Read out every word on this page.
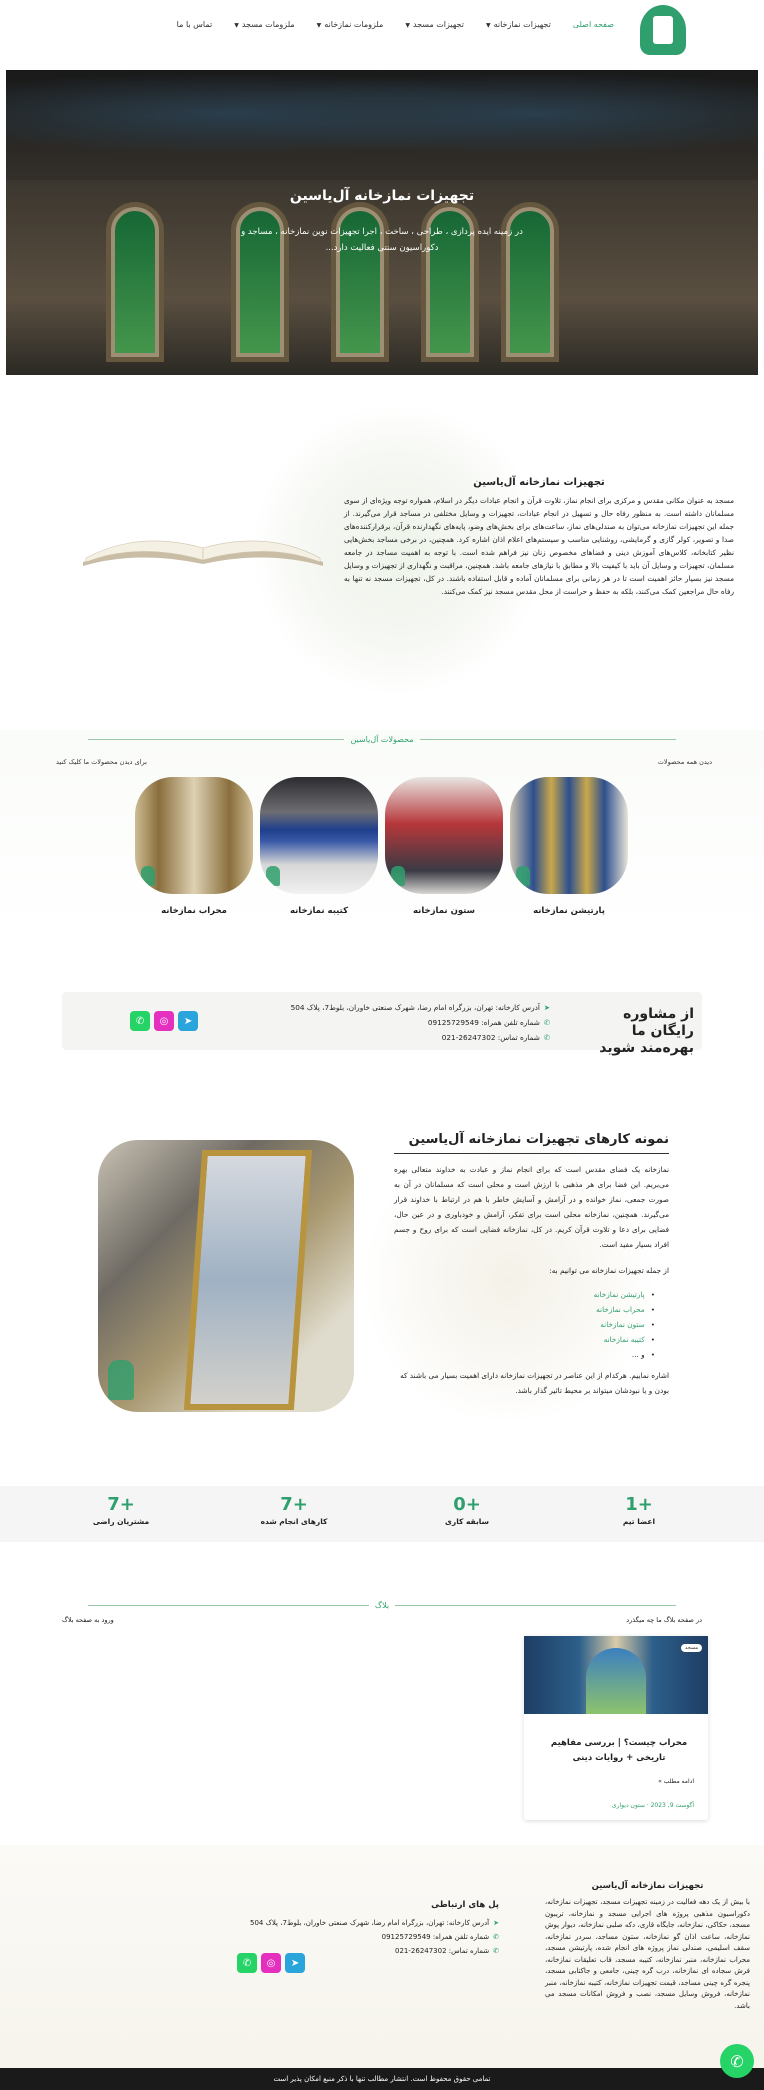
صفحه اصلی
تجهیزات نمازخانه▼
تجهیزات مسجد▼
ملزومات نمازخانه▼
ملزومات مسجد▼
تماس با ما
تجهیزات نمازخانه آل‌یاسین
در زمینه ایده پردازی ، طراحی ، ساخت ، اجرا تجهیزات نوین نمازخانه ، مساجد و دکوراسیون سنتی فعالیت دارد...
تجهیزات نمازخانه آل‌یاسین
مسجد به عنوان مکانی مقدس و مرکزی برای انجام نماز، تلاوت قرآن و انجام عبادات دیگر در اسلام، همواره توجه ویژه‌ای از سوی مسلمانان داشته است. به منظور رفاه حال و تسهیل در انجام عبادات، تجهیزات و وسایل مختلفی در مساجد قرار می‌گیرند. از جمله این تجهیزات نمازخانه می‌توان به صندلی‌های نماز، ساعت‌های برای بخش‌های وضو، پایه‌های نگهدارنده قرآن، برقرارکننده‌های صدا و تصویر، کولر گازی و گرمایشی، روشنایی مناسب و سیستم‌های اعلام اذان اشاره کرد. همچنین، در برخی مساجد بخش‌هایی نظیر کتابخانه، کلاس‌های آموزش دینی و فضاهای مخصوص زنان نیز فراهم شده است. با توجه به اهمیت مساجد در جامعه مسلمان، تجهیزات و وسایل آن باید با کیفیت بالا و مطابق با نیازهای جامعه باشد. همچنین، مراقبت و نگهداری از تجهیزات و وسایل مسجد نیز بسیار حائز اهمیت است تا در هر زمانی برای مسلمانان آماده و قابل استفاده باشند. در کل، تجهیزات مسجد نه تنها به رفاه حال مراجعین کمک می‌کنند، بلکه به حفظ و حراست از محل مقدس مسجد نیز کمک می‌کنند.
محصولات آل‌یاسین
دیدن همه محصولات
برای دیدن محصولات ما کلیک کنید
پارتیشن نمازخانه
ستون نمازخانه
کتیبه نمازخانه
محراب نمازخانه
از مشاوره رایگان ما بهره‌مند شوید
➤آدرس کارخانه: تهران، بزرگراه امام رضا، شهرک صنعتی خاوران، بلوط7، پلاک 504
✆شماره تلفن همراه: 09125729549
✆شماره تماس: 26247302-021
➤
◎
✆
نمونه کارهای تجهیزات نمازخانه آل‌یاسین
نمازخانه یک فضای مقدس است که برای انجام نماز و عبادت به خداوند متعالی بهره می‌بریم. این فضا برای هر مذهبی با ارزش است و محلی است که مسلمانان در آن به صورت جمعی، نماز خوانده و در آرامش و آسایش خاطر با هم در ارتباط با خداوند قرار می‌گیرند. همچنین، نمازخانه محلی است برای تفکر، آرامش و خودباوری و در عین حال، فضایی برای دعا و تلاوت قرآن کریم. در کل، نمازخانه فضایی است که برای روح و جسم افراد بسیار مفید است.
از جمله تجهیزات نمازخانه می توانیم به:
• پارتیشن نمازخانه
• محراب نمازخانه
• ستون نمازخانه
• کتیبه نمازخانه
• و ...
اشاره نماییم. هرکدام از این عناصر در تجهیزات نمازخانه دارای اهمیت بسیار می باشند که بودن و یا نبودشان میتواند بر محیط تاثیر گذار باشد.
+1
اعضا تیم
+0
سابقه کاری
+7
کارهای انجام شده
+7
مشتریان راضی
بلاگ
در صفحه بلاگ ما چه میگذرد
ورود به صفحه بلاگ
مسجد
محراب چیست؟ | بررسی مفاهیم تاریخی + روایات دینی
ادامه مطلب »
آگوست 9, 2023 · ستون دیواری
تجهیزات نمازخانه آل‌یاسین
با بیش از یک دهه فعالیت در زمینه تجهیزات مسجد، تجهیزات نمازخانه، دکوراسیون مذهبی پروژه های اجرایی مسجد و نمازخانه، تریبون مسجد، حکاکی، نمازخانه، جایگاه قاری، دکه صلبی نمازخانه، دیوار پوش نمازخانه، ساعت اذان گو نمازخانه، ستون مساجد، سردر نمازخانه، سقف اسلیمی، صندلی نماز پروژه های انجام شده، پارتیشن مسجد، محراب نمازخانه، منبر نمازخانه، کتیبه مسجد، قاب تعلیقات نمازخانه، فرش سجاده ای نمازخانه، درب گره چینی، جامعی و جاکتابی مسجد، پنجره گره چینی مساجد، قیمت تجهیزات نمازخانه، کتیبه نمازخانه، منبر نمازخانه، فروش وسایل مسجد، نصب و فروش امکانات مسجد می باشد.
پل های ارتباطی
➤آدرس کارخانه: تهران، بزرگراه امام رضا، شهرک صنعتی خاوران، بلوط7، پلاک 504
✆شماره تلفن همراه: 09125729549
✆شماره تماس: 26247302-021
➤
◎
✆
تمامی حقوق محفوظ است. انتشار مطالب تنها با ذکر منبع امکان پذیر است
✆
